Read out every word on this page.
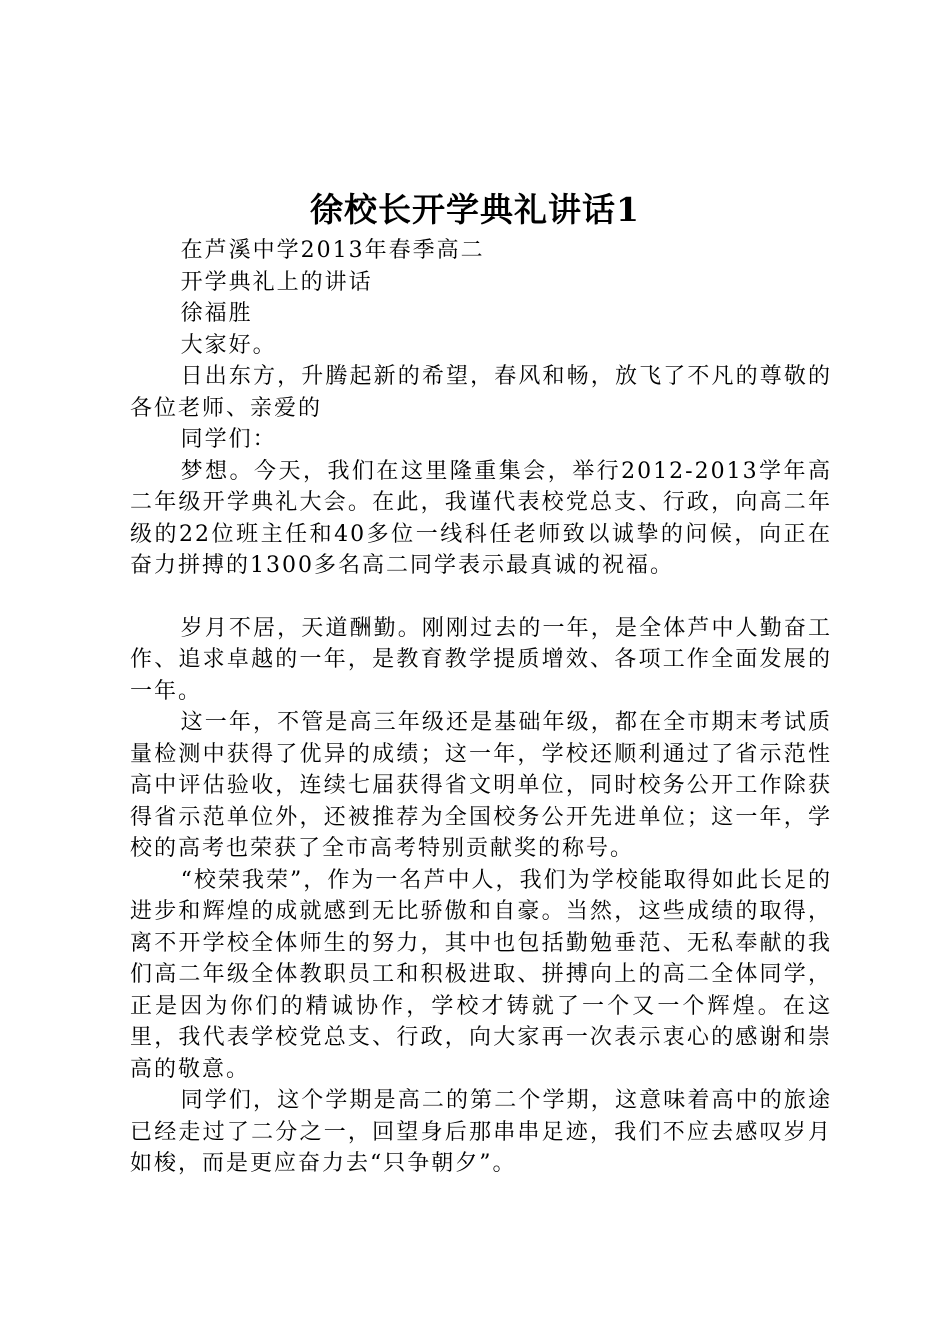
徐校长开学典礼讲话1

在芦溪中学2013年春季高二

开学典礼上的讲话

徐福胜

大家好。

日出东方，升腾起新的希望，春风和畅，放飞了不凡的尊敬的各位老师、亲爱的

同学们：

梦想。今天，我们在这里隆重集会，举行2012-2013学年高二年级开学典礼大会。在此，我谨代表校党总支、行政，向高二年级的22位班主任和40多位一线科任老师致以诚挚的问候，向正在奋力拼搏的1300多名高二同学表示最真诚的祝福。

岁月不居，天道酬勤。刚刚过去的一年，是全体芦中人勤奋工作、追求卓越的一年，是教育教学提质增效、各项工作全面发展的一年。

这一年，不管是高三年级还是基础年级，都在全市期末考试质量检测中获得了优异的成绩；这一年，学校还顺利通过了省示范性高中评估验收，连续七届获得省文明单位，同时校务公开工作除获得省示范单位外，还被推荐为全国校务公开先进单位；这一年，学校的高考也荣获了全市高考特别贡献奖的称号。

“校荣我荣”，作为一名芦中人，我们为学校能取得如此长足的进步和辉煌的成就感到无比骄傲和自豪。当然，这些成绩的取得，离不开学校全体师生的努力，其中也包括勤勉垂范、无私奉献的我们高二年级全体教职员工和积极进取、拼搏向上的高二全体同学，正是因为你们的精诚协作，学校才铸就了一个又一个辉煌。在这里，我代表学校党总支、行政，向大家再一次表示衷心的感谢和崇高的敬意。

同学们，这个学期是高二的第二个学期，这意味着高中的旅途已经走过了二分之一，回望身后那串串足迹，我们不应去感叹岁月如梭，而是更应奋力去“只争朝夕”。
